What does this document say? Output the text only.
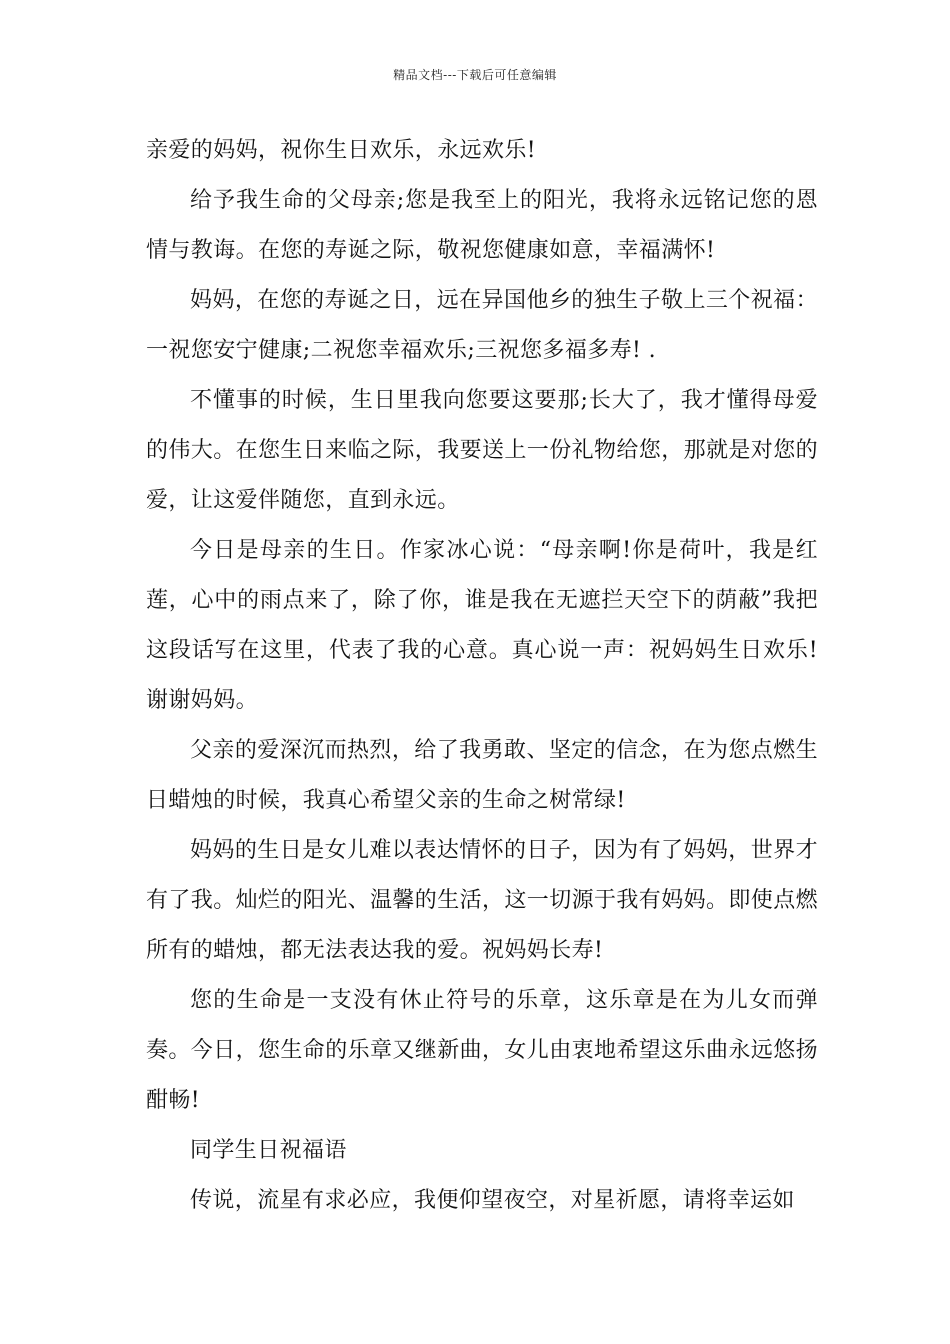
精品文档---下载后可任意编辑

亲爱的妈妈，祝你生日欢乐，永远欢乐!

给予我生命的父母亲;您是我至上的阳光，我将永远铭记您的恩情与教诲。在您的寿诞之际，敬祝您健康如意，幸福满怀!

妈妈，在您的寿诞之日，远在异国他乡的独生子敬上三个祝福：一祝您安宁健康;二祝您幸福欢乐;三祝您多福多寿! .

不懂事的时候，生日里我向您要这要那;长大了，我才懂得母爱的伟大。在您生日来临之际，我要送上一份礼物给您，那就是对您的爱，让这爱伴随您，直到永远。

今日是母亲的生日。作家冰心说：“母亲啊!你是荷叶，我是红莲，心中的雨点来了，除了你，谁是我在无遮拦天空下的荫蔽”我把这段话写在这里，代表了我的心意。真心说一声：祝妈妈生日欢乐!谢谢妈妈。

父亲的爱深沉而热烈，给了我勇敢、坚定的信念，在为您点燃生日蜡烛的时候，我真心希望父亲的生命之树常绿!

妈妈的生日是女儿难以表达情怀的日子，因为有了妈妈，世界才有了我。灿烂的阳光、温馨的生活，这一切源于我有妈妈。即使点燃所有的蜡烛，都无法表达我的爱。祝妈妈长寿!

您的生命是一支没有休止符号的乐章，这乐章是在为儿女而弹奏。今日，您生命的乐章又继新曲，女儿由衷地希望这乐曲永远悠扬酣畅!

同学生日祝福语

传说，流星有求必应，我便仰望夜空，对星祈愿，请将幸运如
